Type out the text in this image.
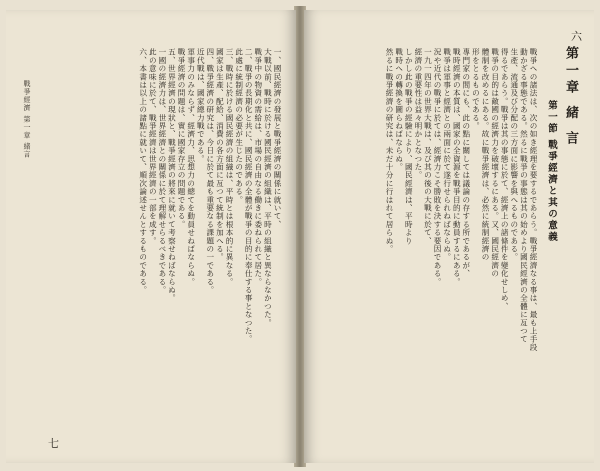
六
第一章 緒 言
第一節 戰爭經濟と其の意義
戰爭への諸法は、次の如き經理を要するであらう。戰爭經濟なる事は、最も上手段
動かざる事態である。然るに戰爭の事態は其の始めより國民經濟の全體に亙つて
生產、流通及び分配の三方面に影響を與へるものである。
得るであらう。戰爭は其の事態に於て、經濟上の諸條件を變化せしめ、
戰爭の目的は敵國の經濟力を破壞するにある。又、國民經濟の
體制を改めるにある。故に戰爭經濟は、必然に統制經濟の
形をとるものである。
專門家の間にも、此の點に關しては議論の存する所であるが、
戰時經濟の本質は、國家の全資源を戰爭目的に動員するにある。
戰爭は軍事と經濟との兩面に於て遂行せられねばならぬ。
況や近代の戰爭に於ては、經濟力こそ勝敗を決する要因である。
一九一四年の世界大戰は、及び其の後の大戰に於て、
經濟の重要性は益々明かとなつた。
しかし此の戰爭の經驗により、國民經濟は、平時より
戰時への轉換を圖らねばならぬ。
然るに戰爭經濟の研究は、未だ十分に行はれて居らぬ。
戰爭經濟 第一章 緒言
七
一、國民經濟の發展と戰爭經濟の關係に就いて、
大戰以前、戰時に於ける國民經濟の組織は、平時の組織と異ならなかつた。
戰爭中の物資の需給は、市場の自由なる働きに委ねられて居た。
二、戰爭の長期化と共に、國民經濟の全體が戰爭の目的に奉仕する事となつた。
此處に統制經濟の必要が生じたのである。
三、戰時に於ける國民經濟の組織は、平時とは根本的に異なる。
國家は生產、配給、消費の各方面に亙つて統制を加へる。
四、戰爭經濟の研究は、今日に於て最も重要なる課題の一である。
近代戰は、國家總力戰である。
軍事力のみならず、經濟力、思想力の總てを動員せねばならぬ。
戰爭經濟の問題は、實に國家存立の問題である。
五、世界經濟の現狀と、戰爭經濟の將來に就いて考察せねばならぬ。
一國の經濟力は、世界經濟との關係に於て理解せらるべきである。
此の意味に於て、戰爭經濟は世界經濟の一部を成す。
六、本書は以上の諸點に就いて、順次論述せんとするものである。
